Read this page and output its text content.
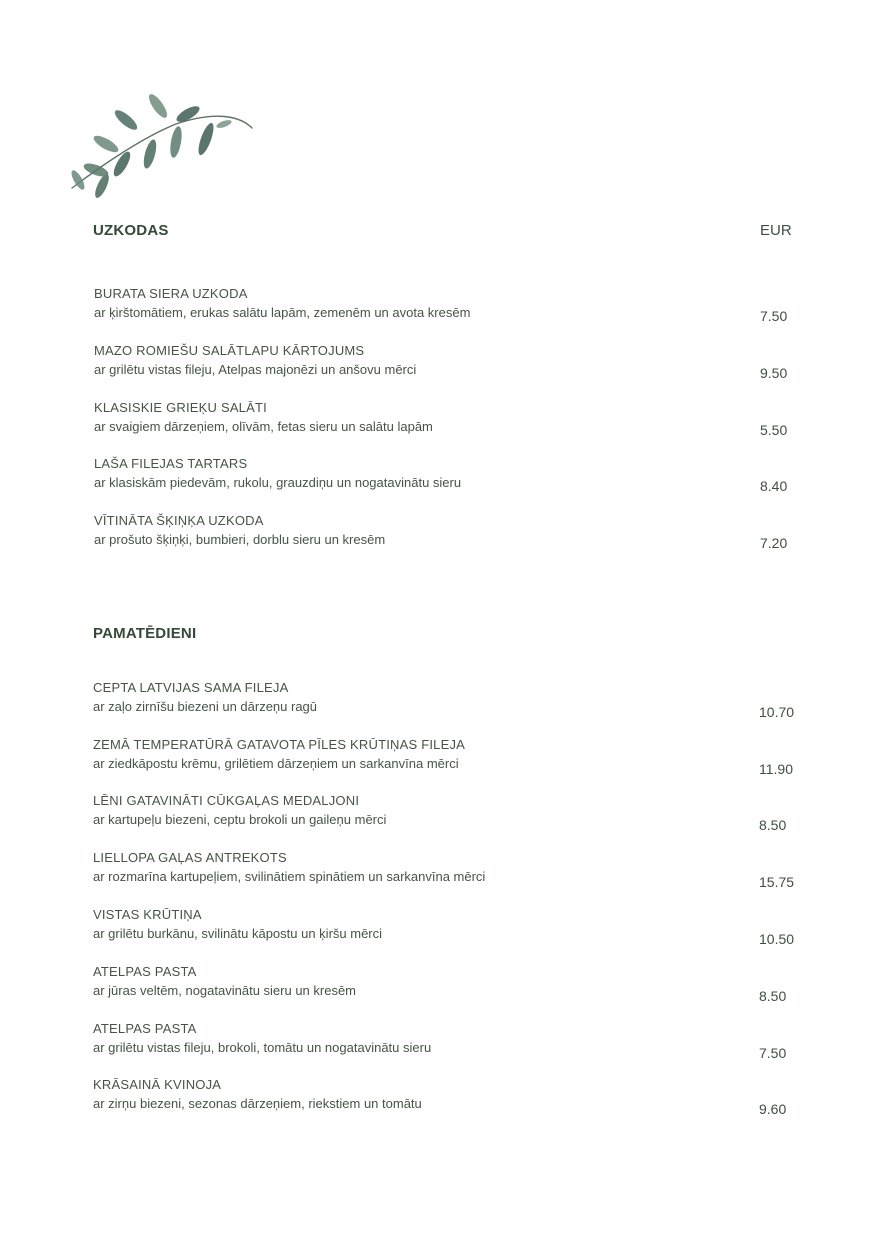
UZKODAS	EUR
BURATA SIERA UZKODA
ar ķirštomātiem, erukas salātu lapām, zemenēm un avota kresēm	7.50
MAZO ROMIEŠU SALĀTLAPU KĀRTOJUMS
ar grilētu vistas fileju, Atelpas majonēzi un anšovu mērci	9.50
KLASISKIE GRIEĶU SALĀTI
ar svaigiem dārzeņiem, olīvām, fetas sieru un salātu lapām	5.50
LAŠA FILEJAS TARTARS
ar klasiskām piedevām, rukolu, grauzdiņu un nogatavinātu sieru	8.40
VĪTINĀTA ŠĶIŅĶA UZKODA
ar prošuto šķiņķi, bumbieri, dorblu sieru un kresēm	7.20
PAMATĒDIENI
CEPTA LATVIJAS SAMA FILEJA
ar zaļo zirnīšu biezeni un dārzeņu ragū	10.70
ZEMĀ TEMPERATŪRĀ GATAVOTA PĪLES KRŪTIŅAS FILEJA
ar ziedkāpostu krēmu, grilētiem dārzeņiem un sarkanvīna mērci	11.90
LĒNI GATAVINĀTI CŪKGAĻAS MEDALJONI
ar kartupeļu biezeni, ceptu brokoli un gaileņu mērci	8.50
LIELLOPA GAĻAS ANTREKOTS
ar rozmarīna kartupeļiem, svilinātiem spinātiem un sarkanvīna mērci	15.75
VISTAS KRŪTIŅA
ar grilētu burkānu, svilinātu kāpostu un ķiršu mērci	10.50
ATELPAS PASTA
ar jūras veltēm, nogatavinātu sieru un kresēm	8.50
ATELPAS PASTA
ar grilētu vistas fileju, brokoli, tomātu un nogatavinātu sieru	7.50
KRĀSAINĀ KVINOJA
ar zirņu biezeni, sezonas dārzeņiem, riekstiem un tomātu	9.60
